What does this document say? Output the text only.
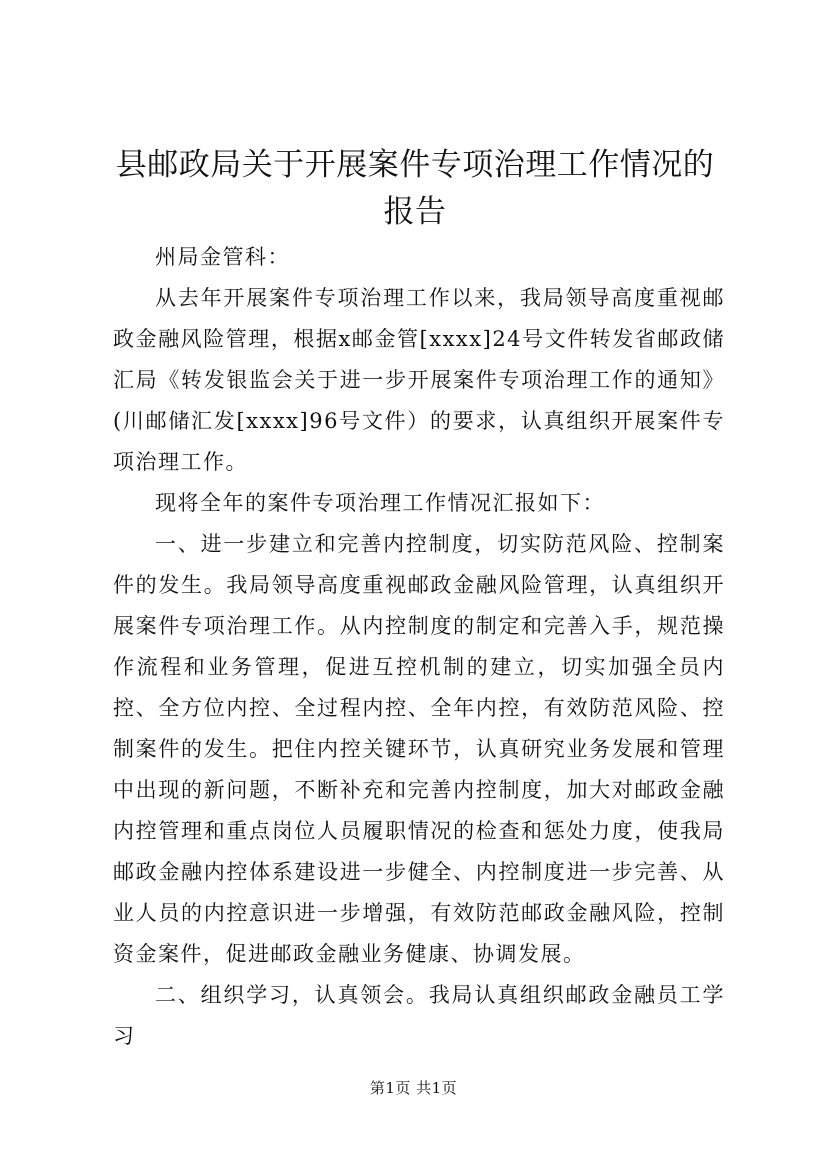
县邮政局关于开展案件专项治理工作情况的报告

州局金管科：

从去年开展案件专项治理工作以来，我局领导高度重视邮政金融风险管理，根据x邮金管[xxxx]24号文件转发省邮政储汇局《转发银监会关于进一步开展案件专项治理工作的通知》(川邮储汇发[xxxx]96号文件）的要求，认真组织开展案件专项治理工作。

现将全年的案件专项治理工作情况汇报如下：

一、进一步建立和完善内控制度，切实防范风险、控制案件的发生。我局领导高度重视邮政金融风险管理，认真组织开展案件专项治理工作。从内控制度的制定和完善入手，规范操作流程和业务管理，促进互控机制的建立，切实加强全员内控、全方位内控、全过程内控、全年内控，有效防范风险、控制案件的发生。把住内控关键环节，认真研究业务发展和管理中出现的新问题，不断补充和完善内控制度，加大对邮政金融内控管理和重点岗位人员履职情况的检查和惩处力度，使我局邮政金融内控体系建设进一步健全、内控制度进一步完善、从业人员的内控意识进一步增强，有效防范邮政金融风险，控制资金案件，促进邮政金融业务健康、协调发展。

二、组织学习，认真领会。我局认真组织邮政金融员工学习

第1页 共1页
